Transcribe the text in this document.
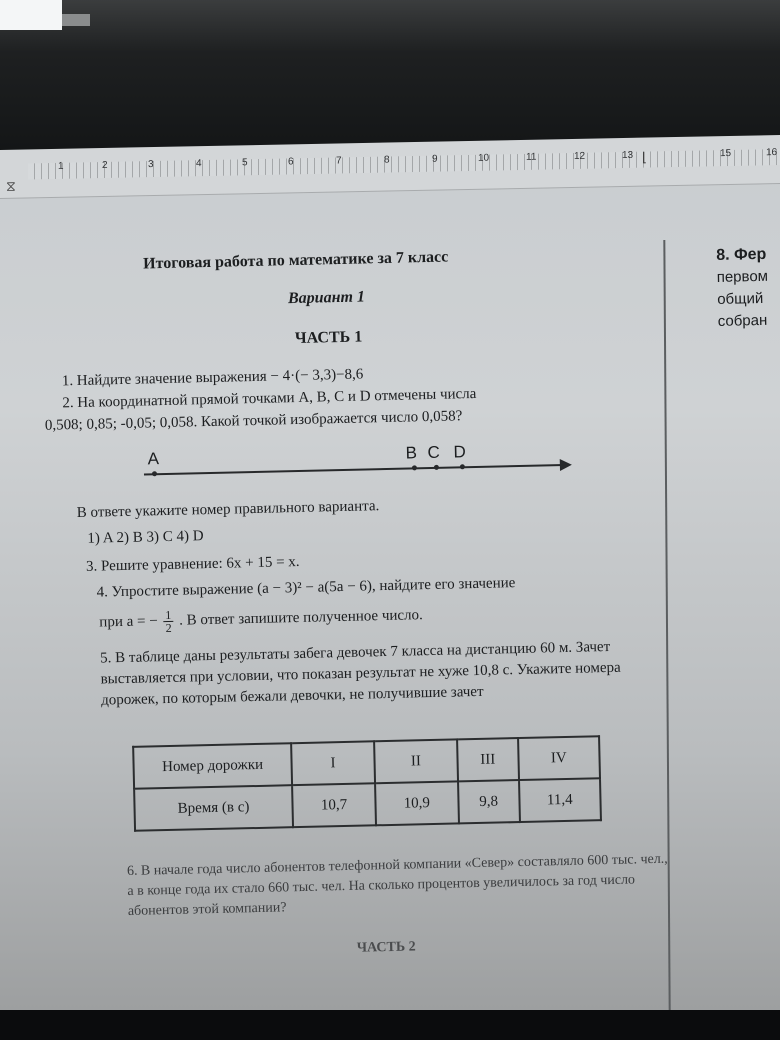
⧖
1	2	3	4	5	6	7	8	9	10	11	12	13	15	16
⌊
Итоговая работа по математике за 7 класс
Вариант 1
ЧАСТЬ 1
1. Найдите значение выражения − 4·(− 3,3)−8,6
2. На координатной прямой точками A, B, C и D отмечены числа
0,508; 0,85; -0,05; 0,058. Какой точкой изображается число 0,058?
A	B C D
В ответе укажите номер правильного варианта.
1) A 2) B 3) C 4) D
3. Решите уравнение: 6x + 15 = x.
4. Упростите выражение (a − 3)² − a(5a − 6), найдите его значение
при a = − $\frac{1}{2}$ . В ответ запишите полученное число.
5. В таблице даны результаты забега девочек 7 класса на дистанцию 60 м. Зачет выставляется при условии, что показан результат не хуже 10,8 с. Укажите номера дорожек, по которым бежали девочки, не получившие зачет
Номер дорожки	I	II	III	IV
Время (в с)	10,7	10,9	9,8	11,4
6. В начале года число абонентов телефонной компании «Север» составляло 600 тыс. чел., а в конце года их стало 660 тыс. чел. На сколько процентов увеличилось за год число абонентов этой компании?
ЧАСТЬ 2
8. Фер
первом
общий
собран
